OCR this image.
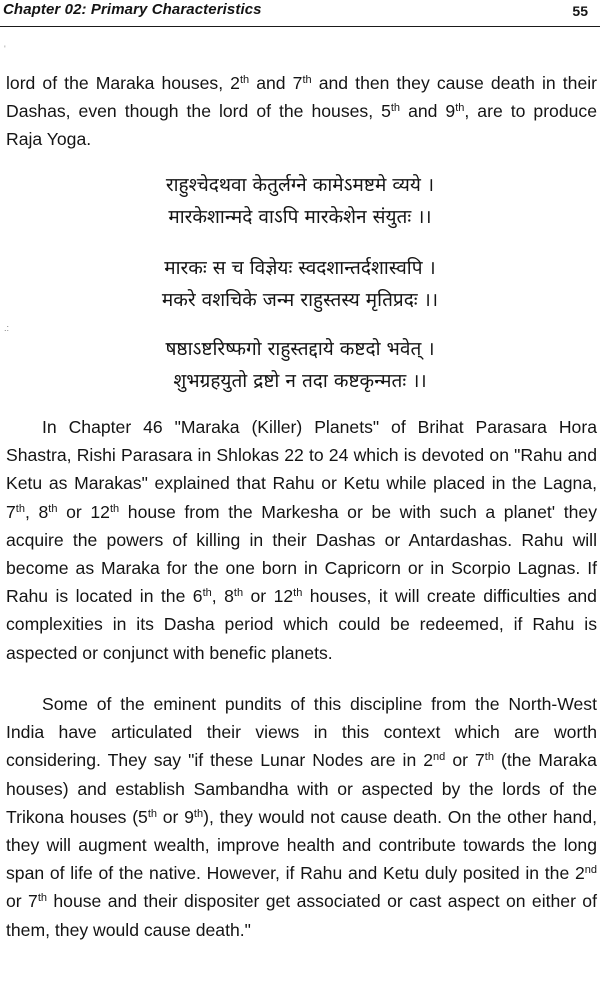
Chapter 02: Primary Characteristics	55
'
.:

lord of the Maraka houses, 2th and 7th and then they cause death in their Dashas, even though the lord of the houses, 5th and 9th, are to produce Raja Yoga.

राहुश्चेदथवा केतुर्लग्ने कामेऽमष्टमे व्यये ।
मारकेशान्मदे वाऽपि मारकेशेन संयुतः ।।
मारकः स च विज्ञेयः स्वदशान्तर्दशास्वपि ।
मकरे वशचिके जन्म राहुस्तस्य मृतिप्रदः ।।
षष्ठाऽष्टरिष्फगो राहुस्तद्दाये कष्टदो भवेत् ।
शुभग्रहयुतो द्रष्टो न तदा कष्टकृन्मतः ।।

In Chapter 46 "Maraka (Killer) Planets" of Brihat Parasara Hora Shastra, Rishi Parasara in Shlokas 22 to 24 which is devoted on "Rahu and Ketu as Marakas" explained that Rahu or Ketu while placed in the Lagna, 7th, 8th or 12th house from the Markesha or be with such a planet' they acquire the powers of killing in their Dashas or Antardashas. Rahu will become as Maraka for the one born in Capricorn or in Scorpio Lagnas. If Rahu is located in the 6th, 8th or 12th houses, it will create difficulties and complexities in its Dasha period which could be redeemed, if Rahu is aspected or conjunct with benefic planets.

Some of the eminent pundits of this discipline from the North-West India have articulated their views in this context which are worth considering. They say "if these Lunar Nodes are in 2nd or 7th (the Maraka houses) and establish Sambandha with or aspected by the lords of the Trikona houses (5th or 9th), they would not cause death. On the other hand, they will augment wealth, improve health and contribute towards the long span of life of the native. However, if Rahu and Ketu duly posited in the 2nd or 7th house and their dispositer get associated or cast aspect on either of them, they would cause death."
